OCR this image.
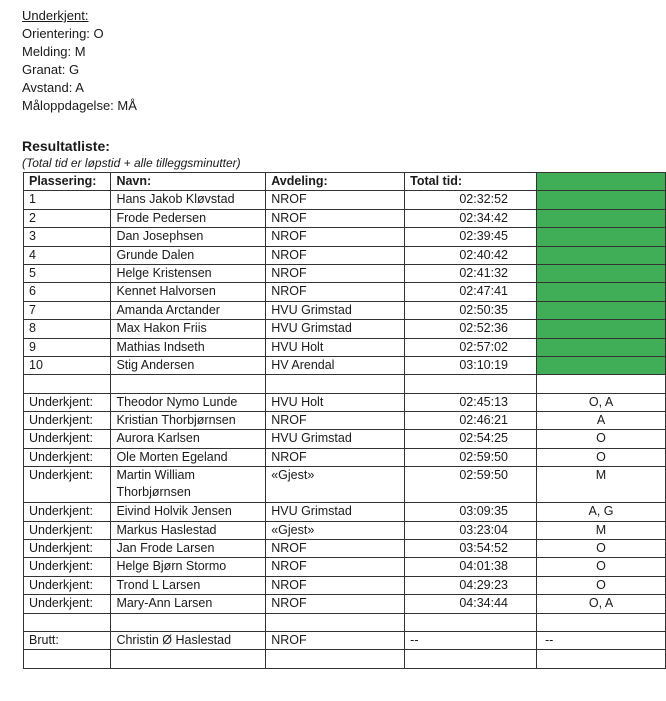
Underkjent:
Orientering: O
Melding: M
Granat: G
Avstand: A
Måloppdagelse: MÅ
Resultatliste:
(Total tid er løpstid + alle tilleggsminutter)
Plassering:	Navn:	Avdeling:	Total tid:	
1	Hans Jakob Kløvstad	NROF	02:32:52	
2	Frode Pedersen	NROF	02:34:42	
3	Dan Josephsen	NROF	02:39:45	
4	Grunde Dalen	NROF	02:40:42	
5	Helge Kristensen	NROF	02:41:32	
6	Kennet Halvorsen	NROF	02:47:41	
7	Amanda Arctander	HVU Grimstad	02:50:35	
8	Max Hakon Friis	HVU Grimstad	02:52:36	
9	Mathias Indseth	HVU Holt	02:57:02	
10	Stig Andersen	HV Arendal	03:10:19	

Underkjent:	Theodor Nymo Lunde	HVU Holt	02:45:13	O, A
Underkjent:	Kristian Thorbjørnsen	NROF	02:46:21	A
Underkjent:	Aurora Karlsen	HVU Grimstad	02:54:25	O
Underkjent:	Ole Morten Egeland	NROF	02:59:50	O
Underkjent:	Martin William Thorbjørnsen	«Gjest»	02:59:50	M
Underkjent:	Eivind Holvik Jensen	HVU Grimstad	03:09:35	A, G
Underkjent:	Markus Haslestad	«Gjest»	03:23:04	M
Underkjent:	Jan Frode Larsen	NROF	03:54:52	O
Underkjent:	Helge Bjørn Stormo	NROF	04:01:38	O
Underkjent:	Trond L Larsen	NROF	04:29:23	O
Underkjent:	Mary-Ann Larsen	NROF	04:34:44	O, A

Brutt:	Christin Ø Haslestad	NROF	--	--
